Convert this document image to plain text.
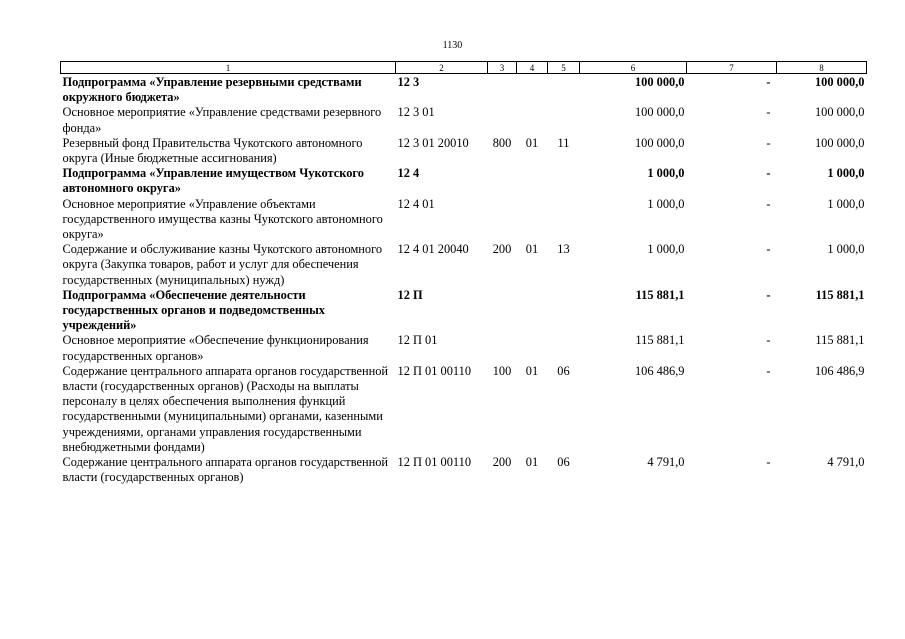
1130
1	2	3	4	5	6	7	8
Подпрограмма «Управление резервными средствами окружного бюджета»	12 3				100 000,0	-	100 000,0
Основное мероприятие «Управление средствами резервного фонда»	12 3 01				100 000,0	-	100 000,0
Резервный фонд Правительства Чукотского автономного округа (Иные бюджетные ассигнования)	12 3 01 20010	800	01	11	100 000,0	-	100 000,0
Подпрограмма «Управление имуществом Чукотского автономного округа»	12 4				1 000,0	-	1 000,0
Основное мероприятие «Управление объектами государственного имущества казны Чукотского автономного округа»	12 4 01				1 000,0	-	1 000,0
Содержание и обслуживание казны Чукотского автономного округа (Закупка товаров, работ и услуг для обеспечения государственных (муниципальных) нужд)	12 4 01 20040	200	01	13	1 000,0	-	1 000,0
Подпрограмма «Обеспечение деятельности государственных органов и подведомственных учреждений»	12 П				115 881,1	-	115 881,1
Основное мероприятие «Обеспечение функционирования государственных органов»	12 П 01				115 881,1	-	115 881,1
Содержание центрального аппарата органов государственной власти (государственных органов) (Расходы на выплаты персоналу в целях обеспечения выполнения функций государственными (муниципальными) органами, казенными учреждениями, органами управления государственными внебюджетными фондами)	12 П 01 00110	100	01	06	106 486,9	-	106 486,9
Содержание центрального аппарата органов государственной власти (государственных органов)	12 П 01 00110	200	01	06	4 791,0	-	4 791,0
